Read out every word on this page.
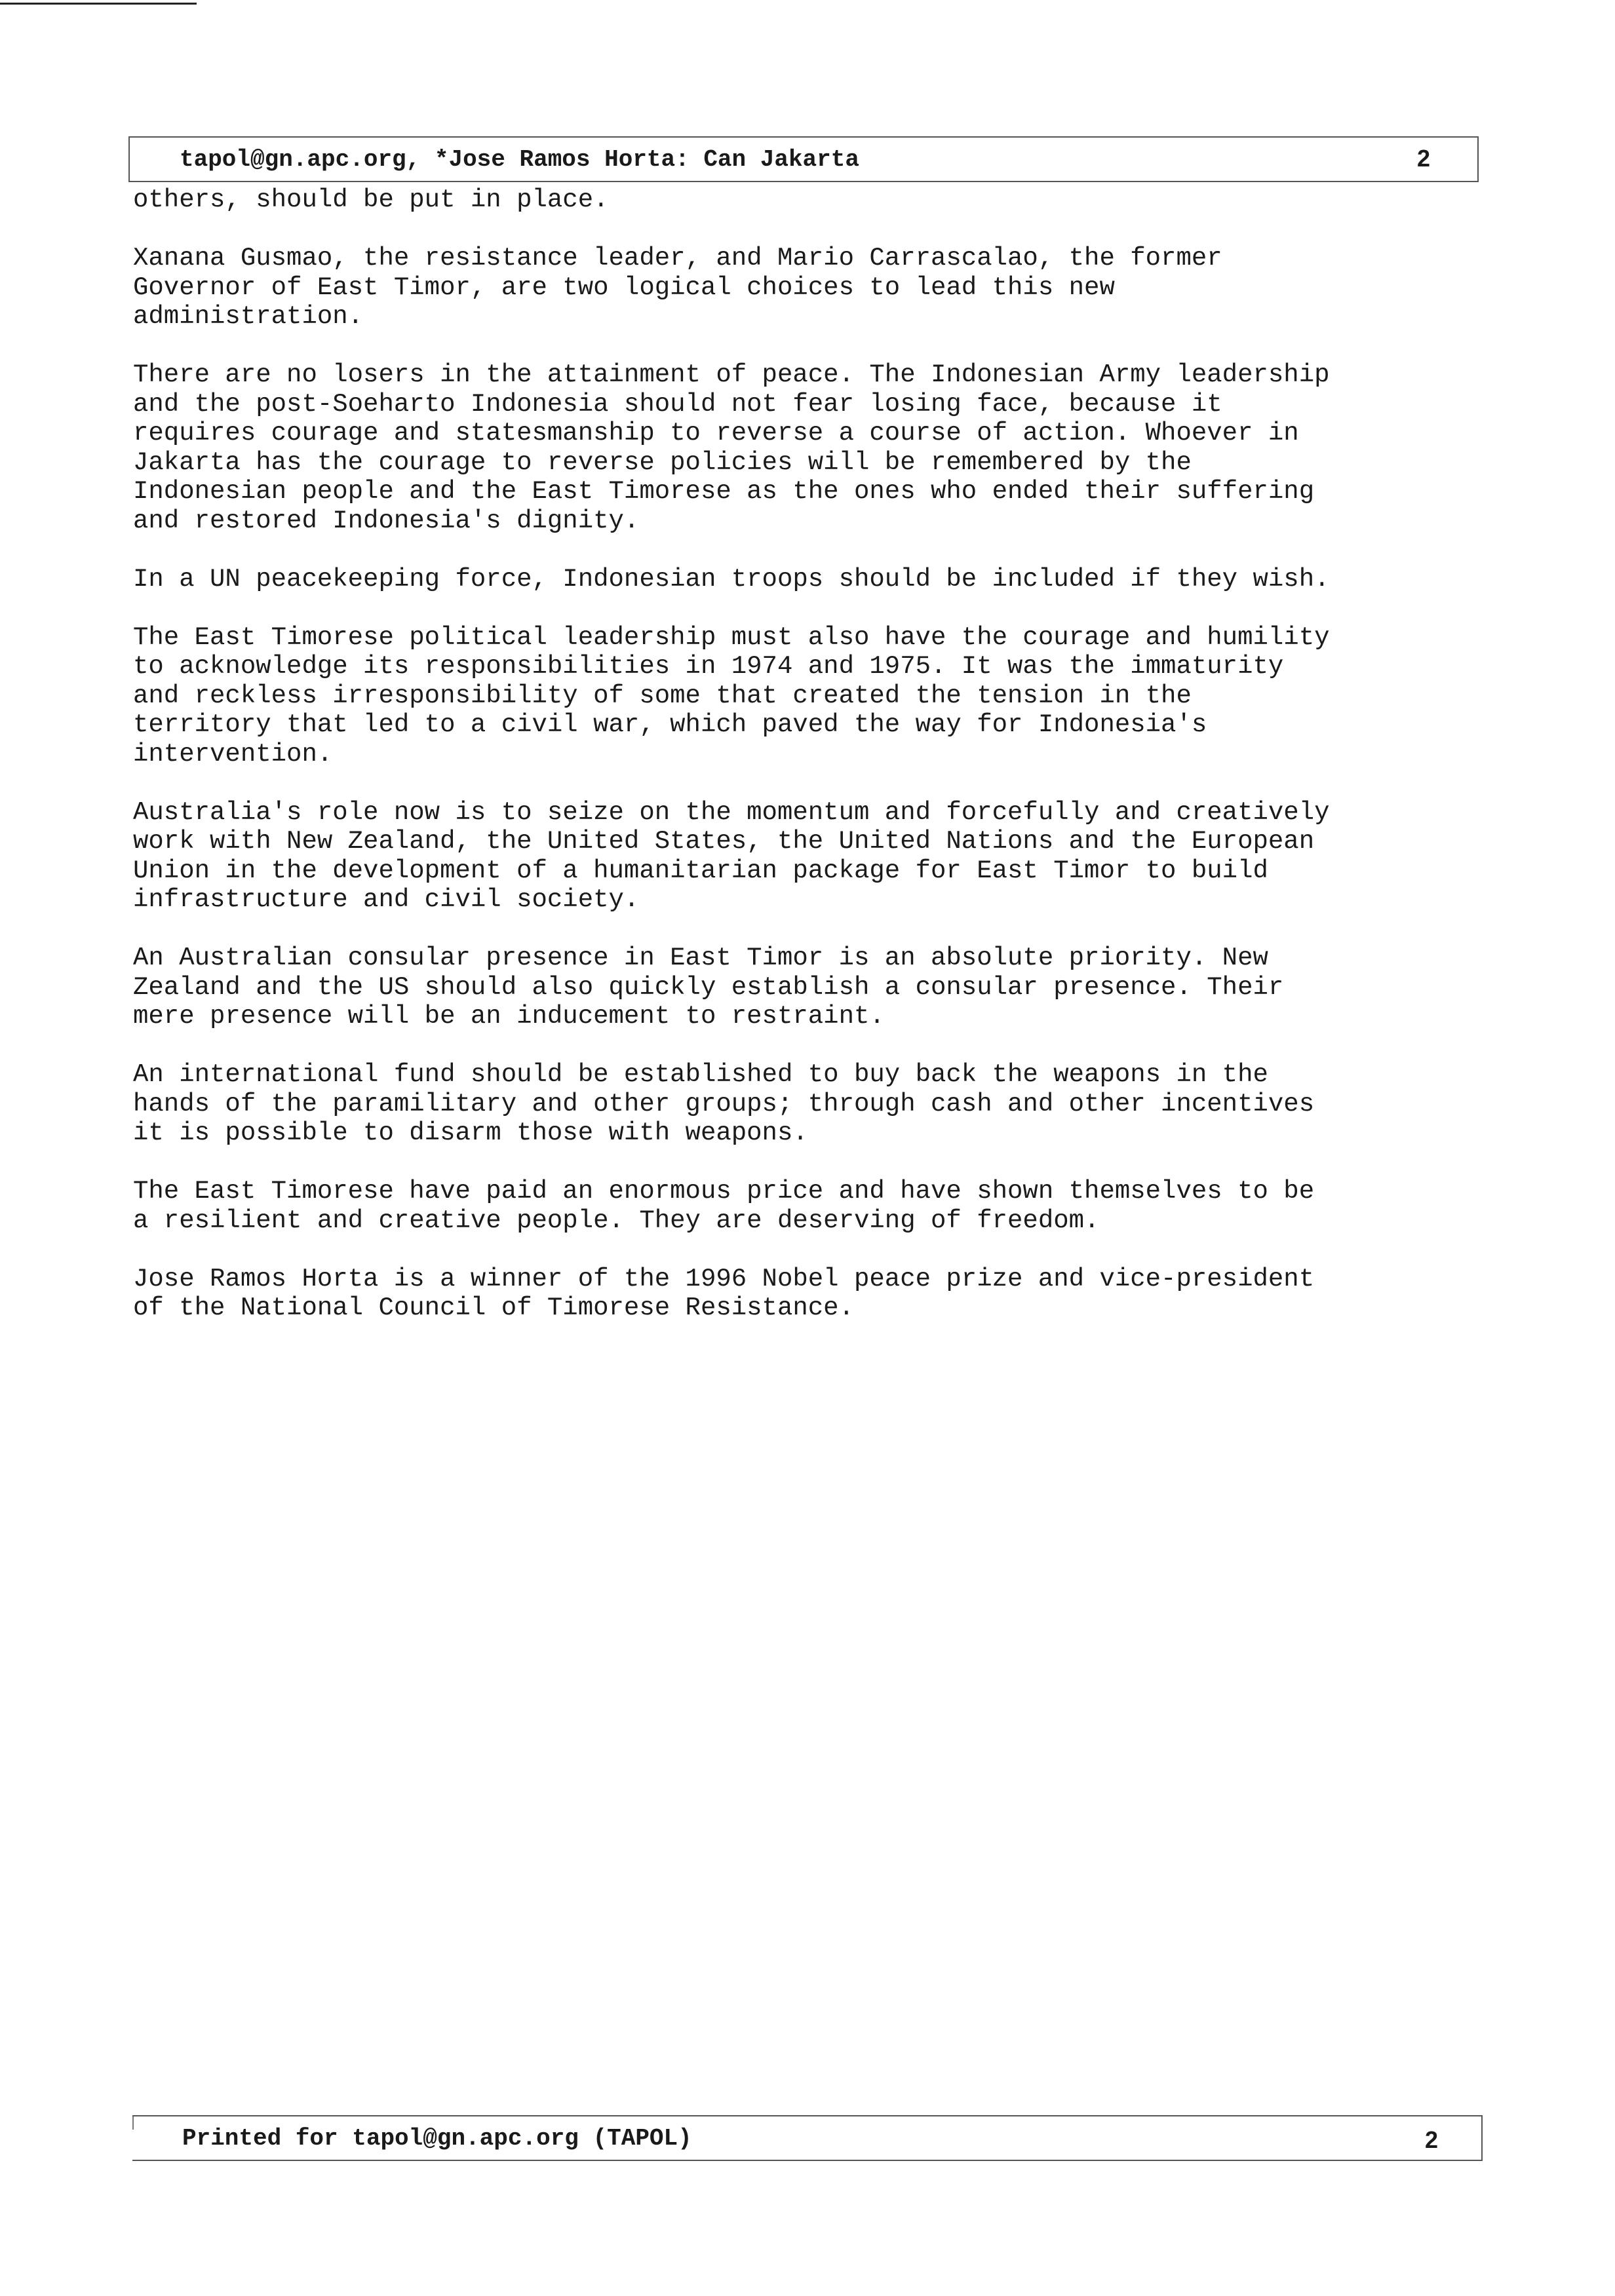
tapol@gn.apc.org, *Jose Ramos Horta: Can Jakarta	2

others, should be put in place.

Xanana Gusmao, the resistance leader, and Mario Carrascalao, the former
Governor of East Timor, are two logical choices to lead this new
administration.

There are no losers in the attainment of peace. The Indonesian Army leadership
and the post-Soeharto Indonesia should not fear losing face, because it
requires courage and statesmanship to reverse a course of action. Whoever in
Jakarta has the courage to reverse policies will be remembered by the
Indonesian people and the East Timorese as the ones who ended their suffering
and restored Indonesia's dignity.

In a UN peacekeeping force, Indonesian troops should be included if they wish.

The East Timorese political leadership must also have the courage and humility
to acknowledge its responsibilities in 1974 and 1975. It was the immaturity
and reckless irresponsibility of some that created the tension in the
territory that led to a civil war, which paved the way for Indonesia's
intervention.

Australia's role now is to seize on the momentum and forcefully and creatively
work with New Zealand, the United States, the United Nations and the European
Union in the development of a humanitarian package for East Timor to build
infrastructure and civil society.

An Australian consular presence in East Timor is an absolute priority. New
Zealand and the US should also quickly establish a consular presence. Their
mere presence will be an inducement to restraint.

An international fund should be established to buy back the weapons in the
hands of the paramilitary and other groups; through cash and other incentives
it is possible to disarm those with weapons.

The East Timorese have paid an enormous price and have shown themselves to be
a resilient and creative people. They are deserving of freedom.

Jose Ramos Horta is a winner of the 1996 Nobel peace prize and vice-president
of the National Council of Timorese Resistance.

Printed for tapol@gn.apc.org (TAPOL)	2
